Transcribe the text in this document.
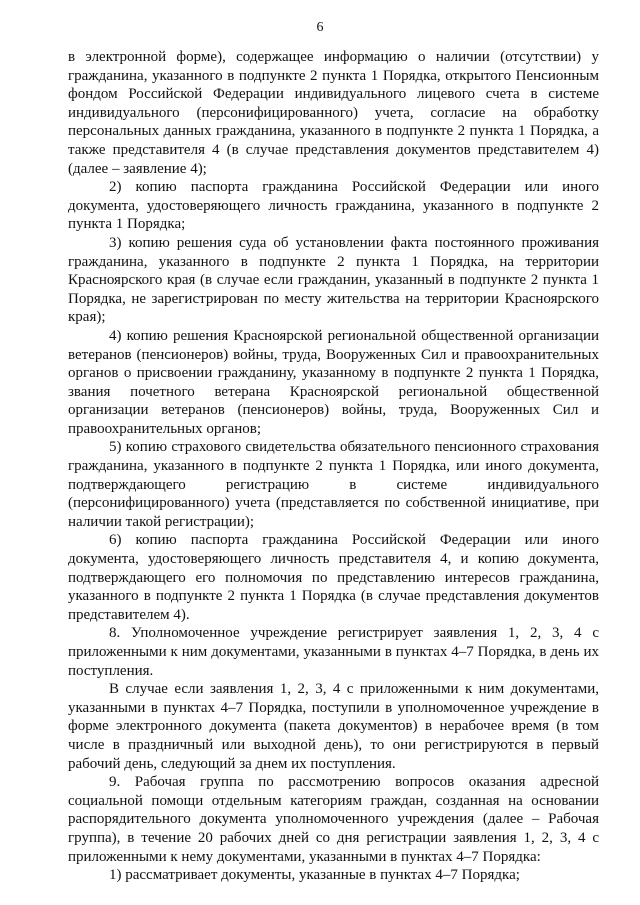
6

в электронной форме), содержащее информацию о наличии (отсутствии) у гражданина, указанного в подпункте 2 пункта 1 Порядка, открытого Пенсионным фондом Российской Федерации индивидуального лицевого счета в системе индивидуального (персонифицированного) учета, согласие на обработку персональных данных гражданина, указанного в подпункте 2 пункта 1 Порядка, а также представителя 4 (в случае представления документов представителем 4) (далее – заявление 4);

2) копию паспорта гражданина Российской Федерации или иного документа, удостоверяющего личность гражданина, указанного в подпункте 2 пункта 1 Порядка;

3) копию решения суда об установлении факта постоянного проживания гражданина, указанного в подпункте 2 пункта 1 Порядка, на территории Красноярского края (в случае если гражданин, указанный в подпункте 2 пункта 1 Порядка, не зарегистрирован по месту жительства на территории Красноярского края);

4) копию решения Красноярской региональной общественной организации ветеранов (пенсионеров) войны, труда, Вооруженных Сил и правоохранительных органов о присвоении гражданину, указанному в подпункте 2 пункта 1 Порядка, звания почетного ветерана Красноярской региональной общественной организации ветеранов (пенсионеров) войны, труда, Вооруженных Сил и правоохранительных органов;

5) копию страхового свидетельства обязательного пенсионного страхования гражданина, указанного в подпункте 2 пункта 1 Порядка, или иного документа, подтверждающего регистрацию в системе индивидуального (персонифицированного) учета (представляется по собственной инициативе, при наличии такой регистрации);

6) копию паспорта гражданина Российской Федерации или иного документа, удостоверяющего личность представителя 4, и копию документа, подтверждающего его полномочия по представлению интересов гражданина, указанного в подпункте 2 пункта 1 Порядка (в случае представления документов представителем 4).

8. Уполномоченное учреждение регистрирует заявления 1, 2, 3, 4 с приложенными к ним документами, указанными в пунктах 4–7 Порядка, в день их поступления.

В случае если заявления 1, 2, 3, 4 с приложенными к ним документами, указанными в пунктах 4–7 Порядка, поступили в уполномоченное учреждение в форме электронного документа (пакета документов) в нерабочее время (в том числе в праздничный или выходной день), то они регистрируются в первый рабочий день, следующий за днем их поступления.

9. Рабочая группа по рассмотрению вопросов оказания адресной социальной помощи отдельным категориям граждан, созданная на основании распорядительного документа уполномоченного учреждения (далее – Рабочая группа), в течение 20 рабочих дней со дня регистрации заявления 1, 2, 3, 4 с приложенными к нему документами, указанными в пунктах 4–7 Порядка:

1) рассматривает документы, указанные в пунктах 4–7 Порядка;
